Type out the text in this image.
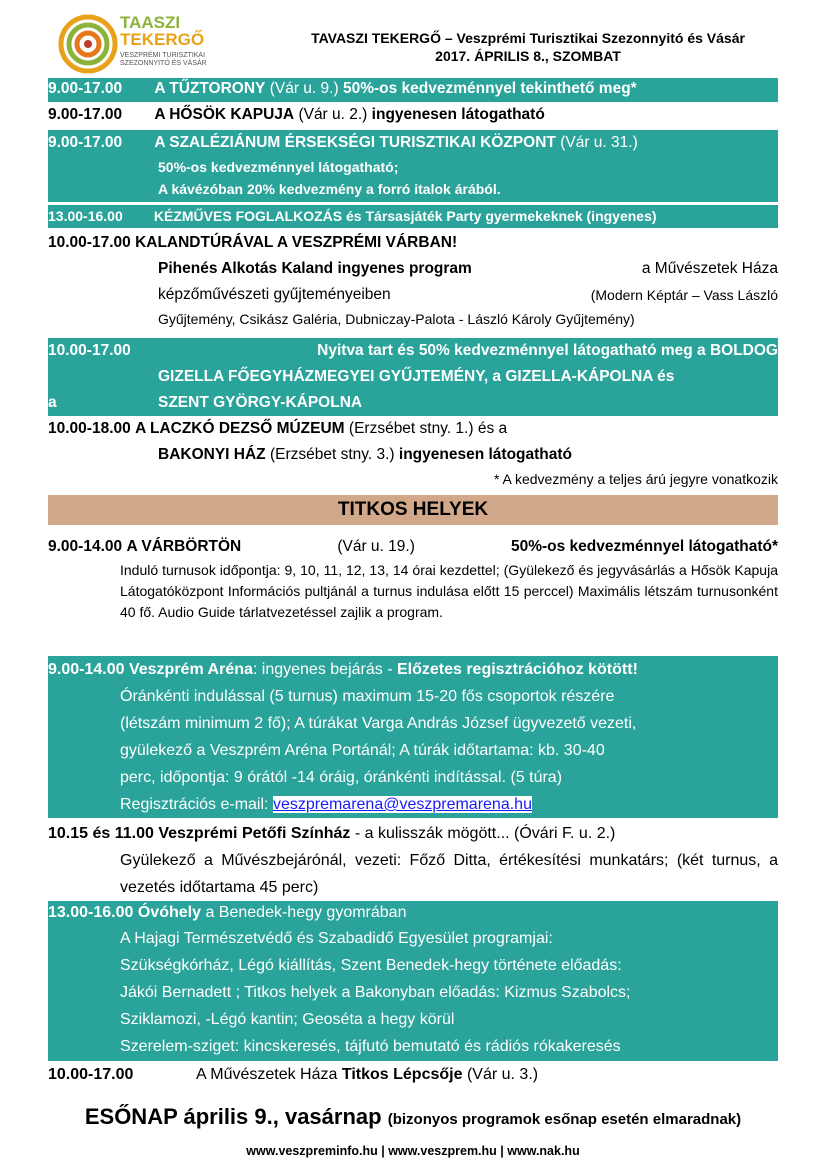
TAASZI
TEKERGŐ
VESZPRÉMI TURISZTIKAI
SZEZONNYITÓ ÉS VÁSÁR
TAVASZI TEKERGŐ – Veszprémi Turisztikai Szezonnyitó és Vásár
2017. ÁPRILIS 8., SZOMBAT
9.00-17.00 A TŰZTORONY (Vár u. 9.) 50%-os kedvezménnyel tekinthető meg*
9.00-17.00 A HŐSÖK KAPUJA (Vár u. 2.) ingyenesen látogatható
9.00-17.00 A SZALÉZIÁNUM ÉRSEKSÉGI TURISZTIKAI KÖZPONT (Vár u. 31.)
50%-os kedvezménnyel látogatható;
A kávézóban 20% kedvezmény a forró italok árából.
13.00-16.00 KÉZMŰVES FOGLALKOZÁS és Társasjáték Party gyermekeknek (ingyenes)
10.00-17.00 KALANDTÚRÁVAL A VESZPRÉMI VÁRBAN!
Pihenés Alkotás Kaland ingyenes program	a Művészetek Háza
képzőművészeti gyűjteményeiben	(Modern Képtár – Vass László
Gyűjtemény, Csikász Galéria, Dubniczay-Palota - László Károly Gyűjtemény)
10.00-17.00	Nyitva tart és 50% kedvezménnyel látogatható meg a BOLDOG
GIZELLA FŐEGYHÁZMEGYEI GYŰJTEMÉNY, a GIZELLA-KÁPOLNA és
a	SZENT GYÖRGY-KÁPOLNA
10.00-18.00 A LACZKÓ DEZSŐ MÚZEUM (Erzsébet stny. 1.) és a
BAKONYI HÁZ (Erzsébet stny. 3.) ingyenesen látogatható
* A kedvezmény a teljes árú jegyre vonatkozik
TITKOS HELYEK
9.00-14.00 A VÁRBÖRTÖN	(Vár u. 19.)	50%-os kedvezménnyel látogatható*
Induló turnusok időpontja: 9, 10, 11, 12, 13, 14 órai kezdettel; (Gyülekező és jegyvásárlás a Hősök Kapuja Látogatóközpont Információs pultjánál a turnus indulása előtt 15 perccel) Maximális létszám turnusonként 40 fő. Audio Guide tárlatvezetéssel zajlik a program.
9.00-14.00 Veszprém Aréna: ingyenes bejárás - Előzetes regisztrációhoz kötött!
Óránkénti indulással (5 turnus) maximum 15-20 fős csoportok részére
(létszám minimum 2 fő); A túrákat Varga András József ügyvezető vezeti,
gyülekező a Veszprém Aréna Portánál; A túrák időtartama: kb. 30-40
perc, időpontja: 9 órától -14 óráig, óránkénti indítással. (5 túra)
Regisztrációs e-mail: veszpremarena@veszpremarena.hu
10.15 és 11.00 Veszprémi Petőfi Színház - a kulisszák mögött... (Óvári F. u. 2.)
Gyülekező a Művészbejárónál, vezeti: Főző Ditta, értékesítési munkatárs; (két turnus, a vezetés időtartama 45 perc)
13.00-16.00 Óvóhely a Benedek-hegy gyomrában
A Hajagi Természetvédő és Szabadidő Egyesület programjai:
Szükségkórház, Légó kiállítás, Szent Benedek-hegy története előadás:
Jákói Bernadett ; Titkos helyek a Bakonyban előadás: Kizmus Szabolcs;
Sziklamozi, -Légó kantin; Geoséta a hegy körül
Szerelem-sziget: kincskeresés, tájfutó bemutató és rádiós rókakeresés
10.00-17.00	A Művészetek Háza Titkos Lépcsője (Vár u. 3.)
ESŐNAP április 9., vasárnap (bizonyos programok esőnap esetén elmaradnak)
www.veszpreminfo.hu | www.veszprem.hu | www.nak.hu
